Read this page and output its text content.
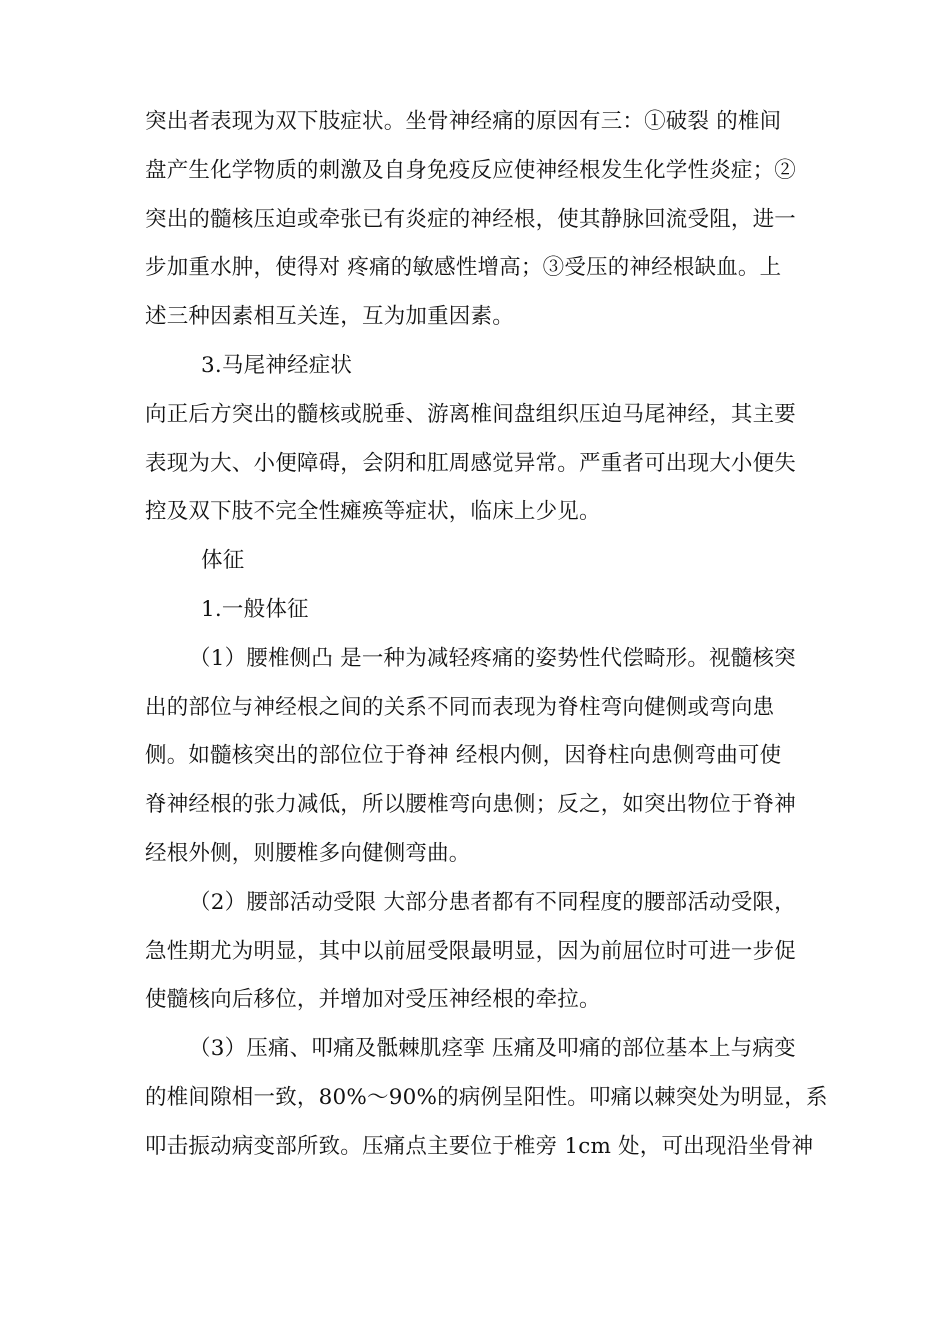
突出者表现为双下肢症状。坐骨神经痛的原因有三：①破裂 的椎间
盘产生化学物质的刺激及自身免疫反应使神经根发生化学性炎症；②
突出的髓核压迫或牵张已有炎症的神经根，使其静脉回流受阻，进一
步加重水肿，使得对 疼痛的敏感性增高；③受压的神经根缺血。上
述三种因素相互关连，互为加重因素。
3.马尾神经症状
向正后方突出的髓核或脱垂、游离椎间盘组织压迫马尾神经，其主要
表现为大、小便障碍，会阴和肛周感觉异常。严重者可出现大小便失
控及双下肢不完全性瘫痪等症状，临床上少见。
体征
1.一般体征
（1）腰椎侧凸 是一种为减轻疼痛的姿势性代偿畸形。视髓核突
出的部位与神经根之间的关系不同而表现为脊柱弯向健侧或弯向患
侧。如髓核突出的部位位于脊神 经根内侧，因脊柱向患侧弯曲可使
脊神经根的张力减低，所以腰椎弯向患侧；反之，如突出物位于脊神
经根外侧，则腰椎多向健侧弯曲。
（2）腰部活动受限 大部分患者都有不同程度的腰部活动受限，
急性期尤为明显，其中以前屈受限最明显，因为前屈位时可进一步促
使髓核向后移位，并增加对受压神经根的牵拉。
（3）压痛、叩痛及骶棘肌痉挛 压痛及叩痛的部位基本上与病变
的椎间隙相一致，80%～90%的病例呈阳性。叩痛以棘突处为明显，系
叩击振动病变部所致。压痛点主要位于椎旁 1cm 处，可出现沿坐骨神
